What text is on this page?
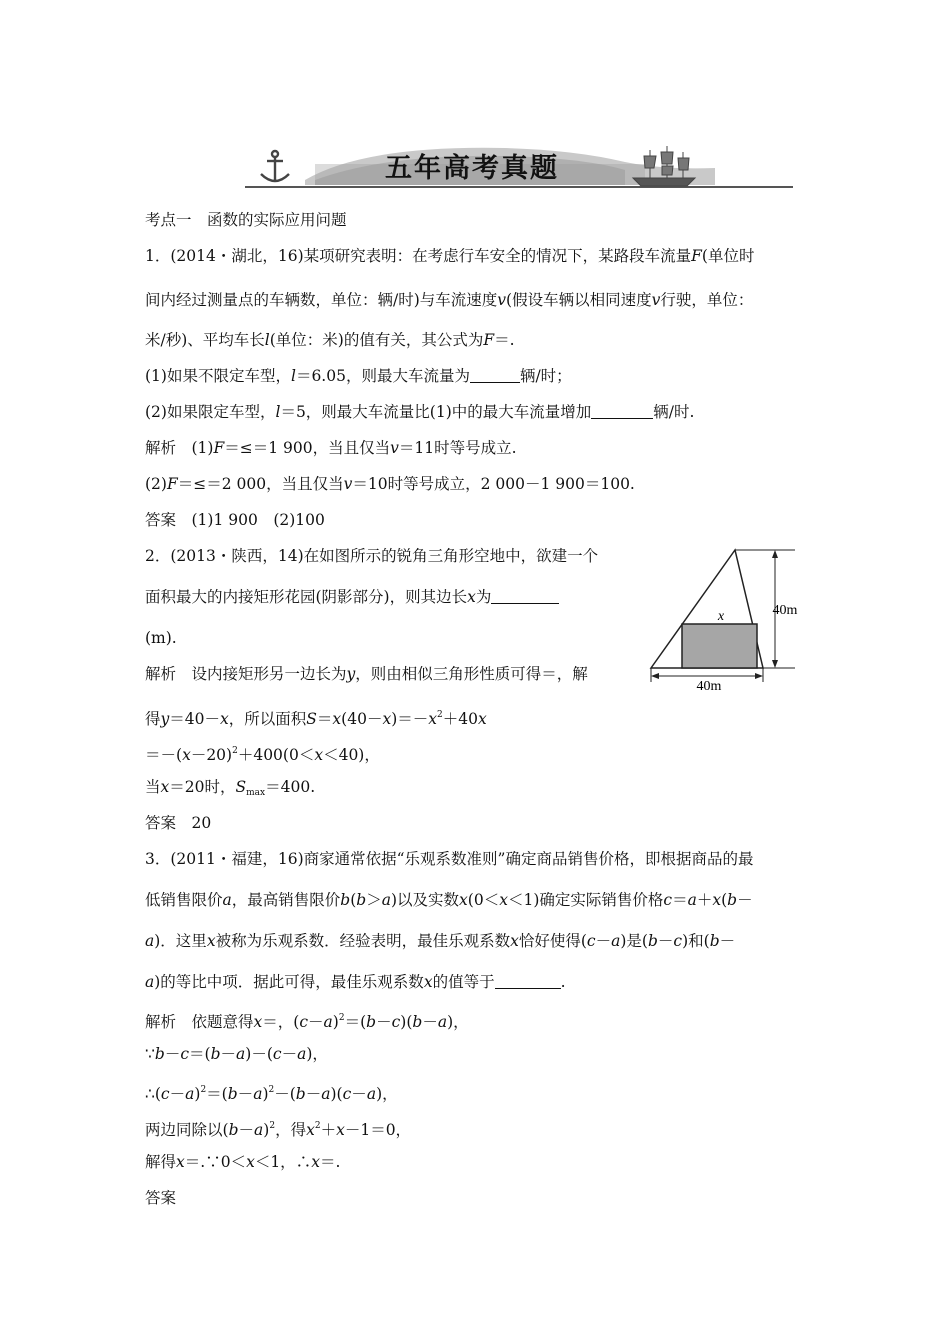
五年高考真题
考点一　函数的实际应用问题
1．(2014・湖北，16)某项研究表明：在考虑行车安全的情况下，某路段车流量F(单位时
间内经过测量点的车辆数，单位：辆/时)与车流速度v(假设车辆以相同速度v行驶，单位：
米/秒)、平均车长l(单位：米)的值有关，其公式为F＝.
(1)如果不限定车型，l＝6.05，则最大车流量为	辆/时；
(2)如果限定车型，l＝5，则最大车流量比(1)中的最大车流量增加	辆/时.
解析　(1)F＝≤＝1 900，当且仅当v＝11时等号成立.
(2)F＝≤＝2 000，当且仅当v＝10时等号成立，2 000－1 900＝100.
答案　(1)1 900　(2)100
2．(2013・陕西，14)在如图所示的锐角三角形空地中，欲建一个
面积最大的内接矩形花园(阴影部分)，则其边长x为
(m).
解析　设内接矩形另一边长为y，则由相似三角形性质可得＝，解
得y＝40－x，所以面积$S=x(40-x)=-x^2+40x$
$=-(x-20)^2+400(0<x<40)$，
当x＝20时，$S_{max}=400$.
答案　20
x	40m
40m
3．(2011・福建，16)商家通常依据“乐观系数准则”确定商品销售价格，即根据商品的最
低销售限价a，最高销售限价b(b＞a)以及实数x(0＜x＜1)确定实际销售价格c＝a＋x(b－
a)．这里x被称为乐观系数．经验表明，最佳乐观系数x恰好使得(c－a)是(b－c)和(b－
a)的等比中项．据此可得，最佳乐观系数x的值等于	.
解析　依题意得x＝，$(c-a)^2=(b-c)(b-a)$，
∵b－c＝(b－a)－(c－a)，
$\therefore(c-a)^2=(b-a)^2-(b-a)(c-a)$，
两边同除以$(b-a)^2$，得$x^2+x-1=0$，
解得x＝.∵0＜x＜1，∴x＝.
答案
